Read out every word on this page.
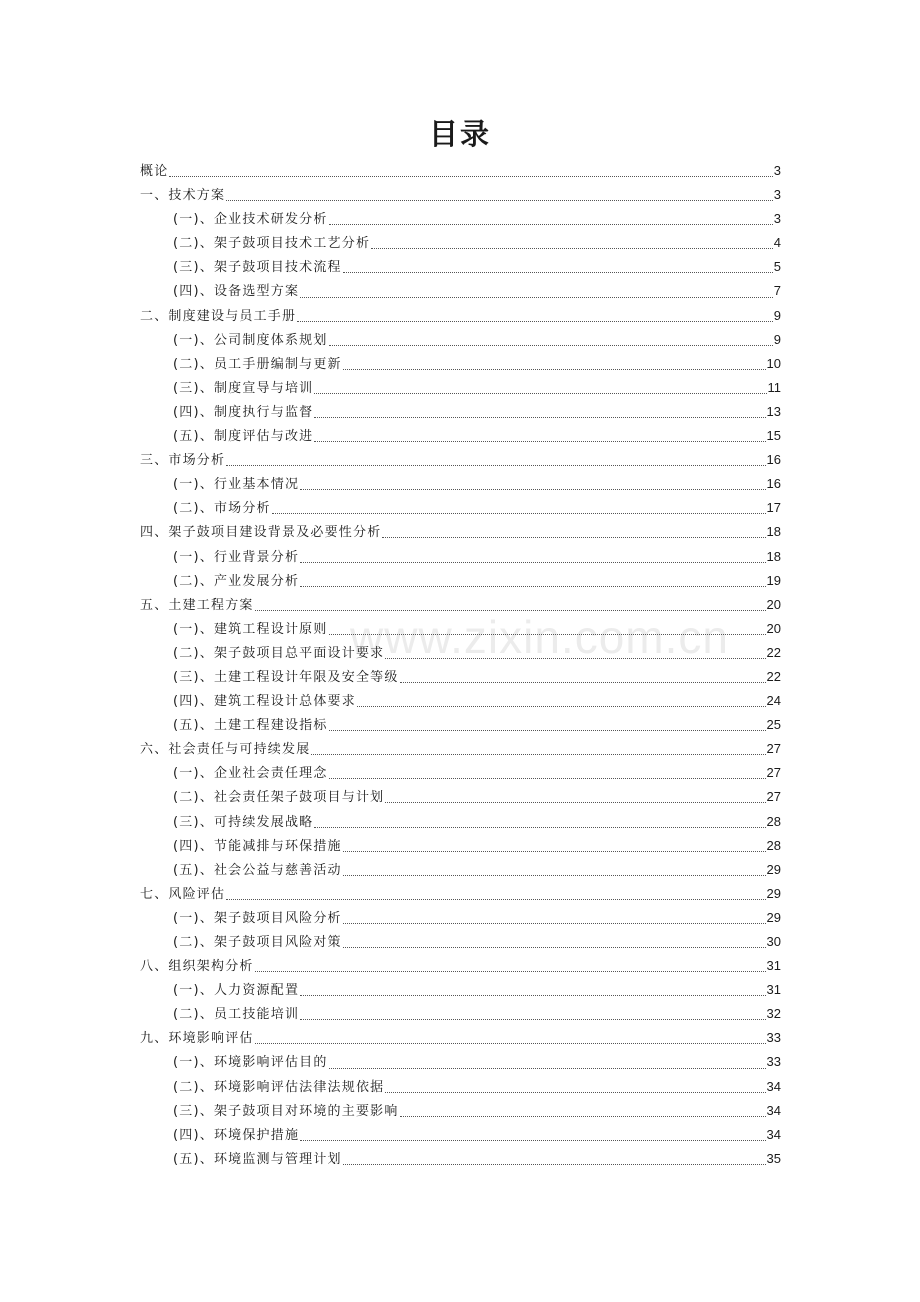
www.zixin.com.cn
目录
概论	3
一、技术方案	3
(一)、企业技术研发分析	3
(二)、架子鼓项目技术工艺分析	4
(三)、架子鼓项目技术流程	5
(四)、设备选型方案	7
二、制度建设与员工手册	9
(一)、公司制度体系规划	9
(二)、员工手册编制与更新	10
(三)、制度宣导与培训	11
(四)、制度执行与监督	13
(五)、制度评估与改进	15
三、市场分析	16
(一)、行业基本情况	16
(二)、市场分析	17
四、架子鼓项目建设背景及必要性分析	18
(一)、行业背景分析	18
(二)、产业发展分析	19
五、土建工程方案	20
(一)、建筑工程设计原则	20
(二)、架子鼓项目总平面设计要求	22
(三)、土建工程设计年限及安全等级	22
(四)、建筑工程设计总体要求	24
(五)、土建工程建设指标	25
六、社会责任与可持续发展	27
(一)、企业社会责任理念	27
(二)、社会责任架子鼓项目与计划	27
(三)、可持续发展战略	28
(四)、节能减排与环保措施	28
(五)、社会公益与慈善活动	29
七、风险评估	29
(一)、架子鼓项目风险分析	29
(二)、架子鼓项目风险对策	30
八、组织架构分析	31
(一)、人力资源配置	31
(二)、员工技能培训	32
九、环境影响评估	33
(一)、环境影响评估目的	33
(二)、环境影响评估法律法规依据	34
(三)、架子鼓项目对环境的主要影响	34
(四)、环境保护措施	34
(五)、环境监测与管理计划	35
